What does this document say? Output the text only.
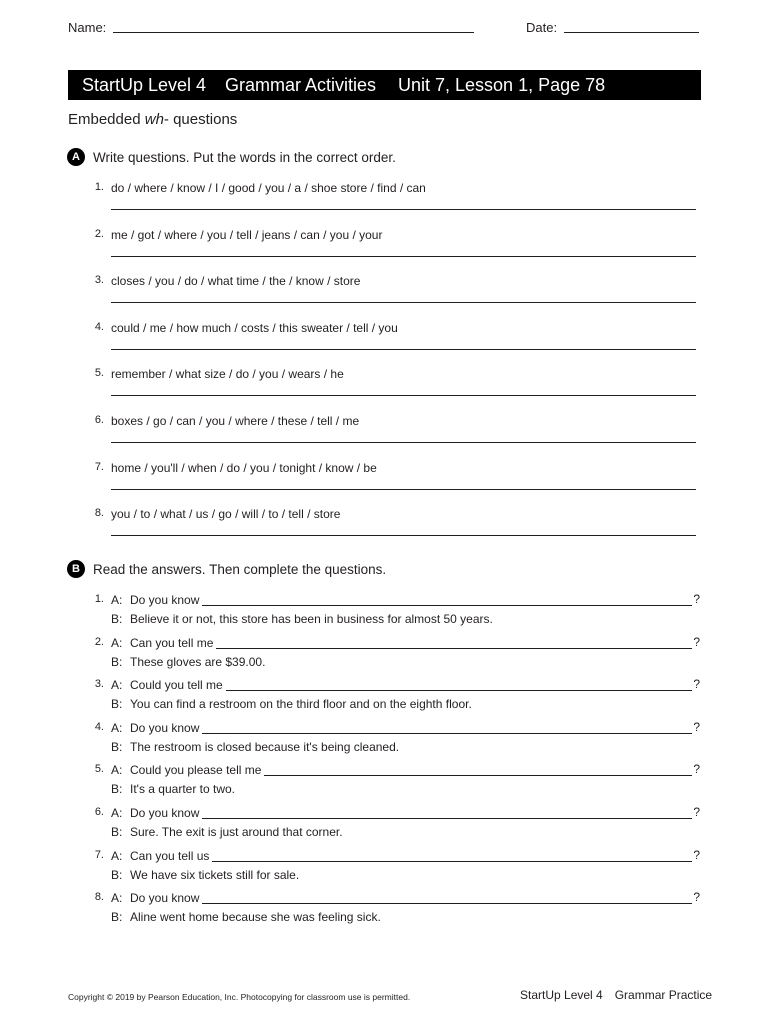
Name:	Date:
StartUp Level 4 Grammar Activities Unit 7, Lesson 1, Page 78
Embedded wh- questions
A Write questions. Put the words in the correct order.
1. do / where / know / I / good / you / a / shoe store / find / can
2. me / got / where / you / tell / jeans / can / you / your
3. closes / you / do / what time / the / know / store
4. could / me / how much / costs / this sweater / tell / you
5. remember / what size / do / you / wears / he
6. boxes / go / can / you / where / these / tell / me
7. home / you'll / when / do / you / tonight / know / be
8. you / to / what / us / go / will / to / tell / store
B Read the answers. Then complete the questions.
1. A: Do you know	?
B: Believe it or not, this store has been in business for almost 50 years.
2. A: Can you tell me	?
B: These gloves are $39.00.
3. A: Could you tell me	?
B: You can find a restroom on the third floor and on the eighth floor.
4. A: Do you know	?
B: The restroom is closed because it's being cleaned.
5. A: Could you please tell me	?
B: It's a quarter to two.
6. A: Do you know	?
B: Sure. The exit is just around that corner.
7. A: Can you tell us	?
B: We have six tickets still for sale.
8. A: Do you know	?
B: Aline went home because she was feeling sick.
Copyright © 2019 by Pearson Education, Inc. Photocopying for classroom use is permitted.	StartUp Level 4 Grammar Practice
